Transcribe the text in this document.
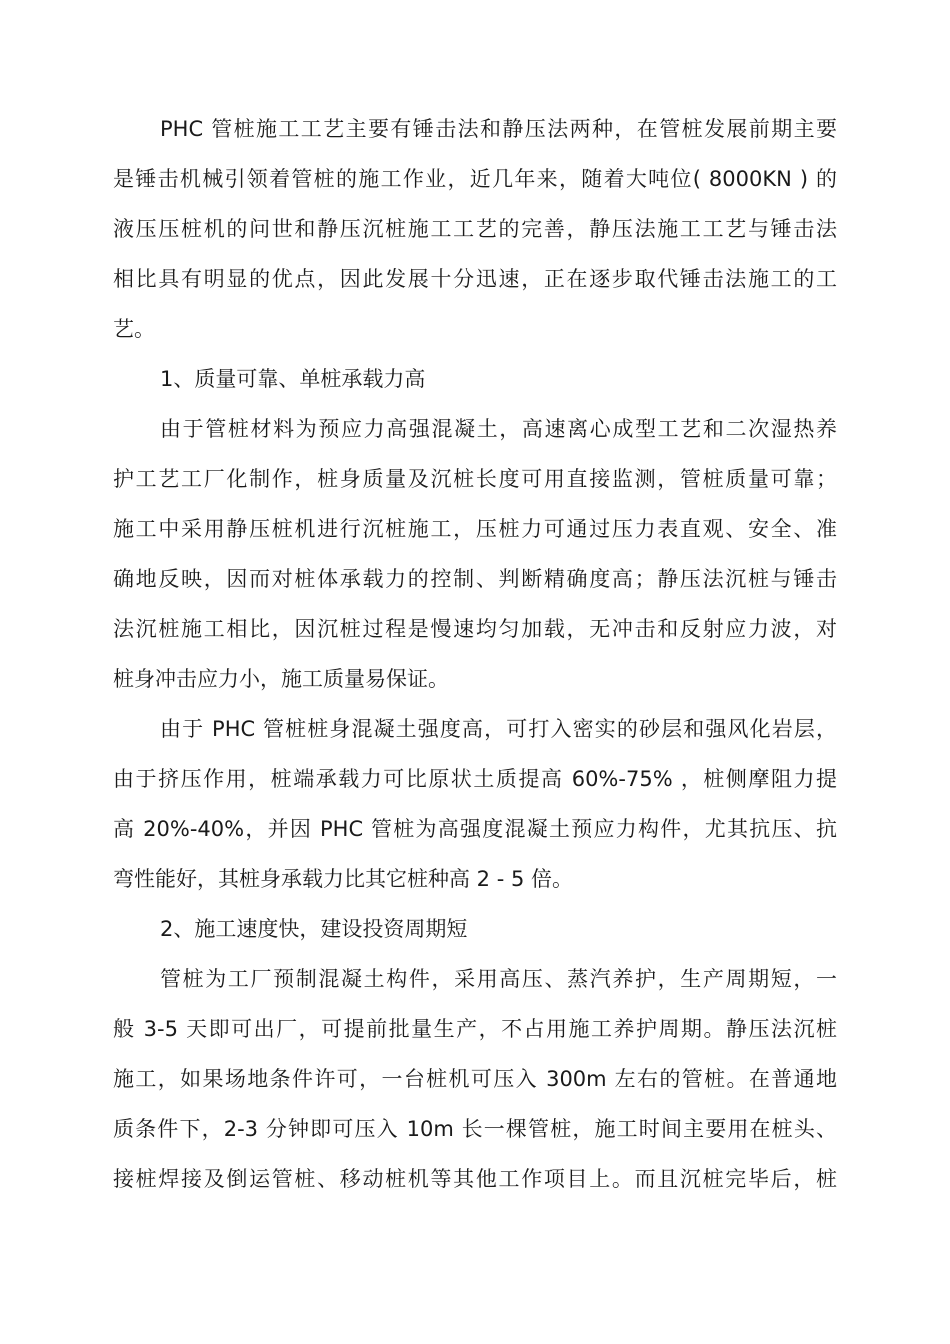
PHC 管桩施工工艺主要有锤击法和静压法两种，在管桩发展前期主要
是锤击机械引领着管桩的施工作业，近几年来，随着大吨位( 8000KN ) 的
液压压桩机的问世和静压沉桩施工工艺的完善，静压法施工工艺与锤击法
相比具有明显的优点，因此发展十分迅速，正在逐步取代锤击法施工的工
艺。
1、质量可靠、单桩承载力高
由于管桩材料为预应力高强混凝土，高速离心成型工艺和二次湿热养
护工艺工厂化制作，桩身质量及沉桩长度可用直接监测，管桩质量可靠；
施工中采用静压桩机进行沉桩施工，压桩力可通过压力表直观、安全、准
确地反映，因而对桩体承载力的控制、判断精确度高；静压法沉桩与锤击
法沉桩施工相比，因沉桩过程是慢速均匀加载，无冲击和反射应力波，对
桩身冲击应力小，施工质量易保证。
由于 PHC 管桩桩身混凝土强度高，可打入密实的砂层和强风化岩层，
由于挤压作用，桩端承载力可比原状土质提高 60%-75% ，桩侧摩阻力提
高 20%-40%，并因 PHC 管桩为高强度混凝土预应力构件，尤其抗压、抗
弯性能好，其桩身承载力比其它桩种高 2 - 5 倍。
2、施工速度快，建设投资周期短
管桩为工厂预制混凝土构件，采用高压、蒸汽养护，生产周期短，一
般 3-5 天即可出厂，可提前批量生产，不占用施工养护周期。静压法沉桩
施工，如果场地条件许可，一台桩机可压入 300m 左右的管桩。在普通地
质条件下，2-3 分钟即可压入 10m 长一棵管桩，施工时间主要用在桩头、
接桩焊接及倒运管桩、移动桩机等其他工作项目上。而且沉桩完毕后，桩
